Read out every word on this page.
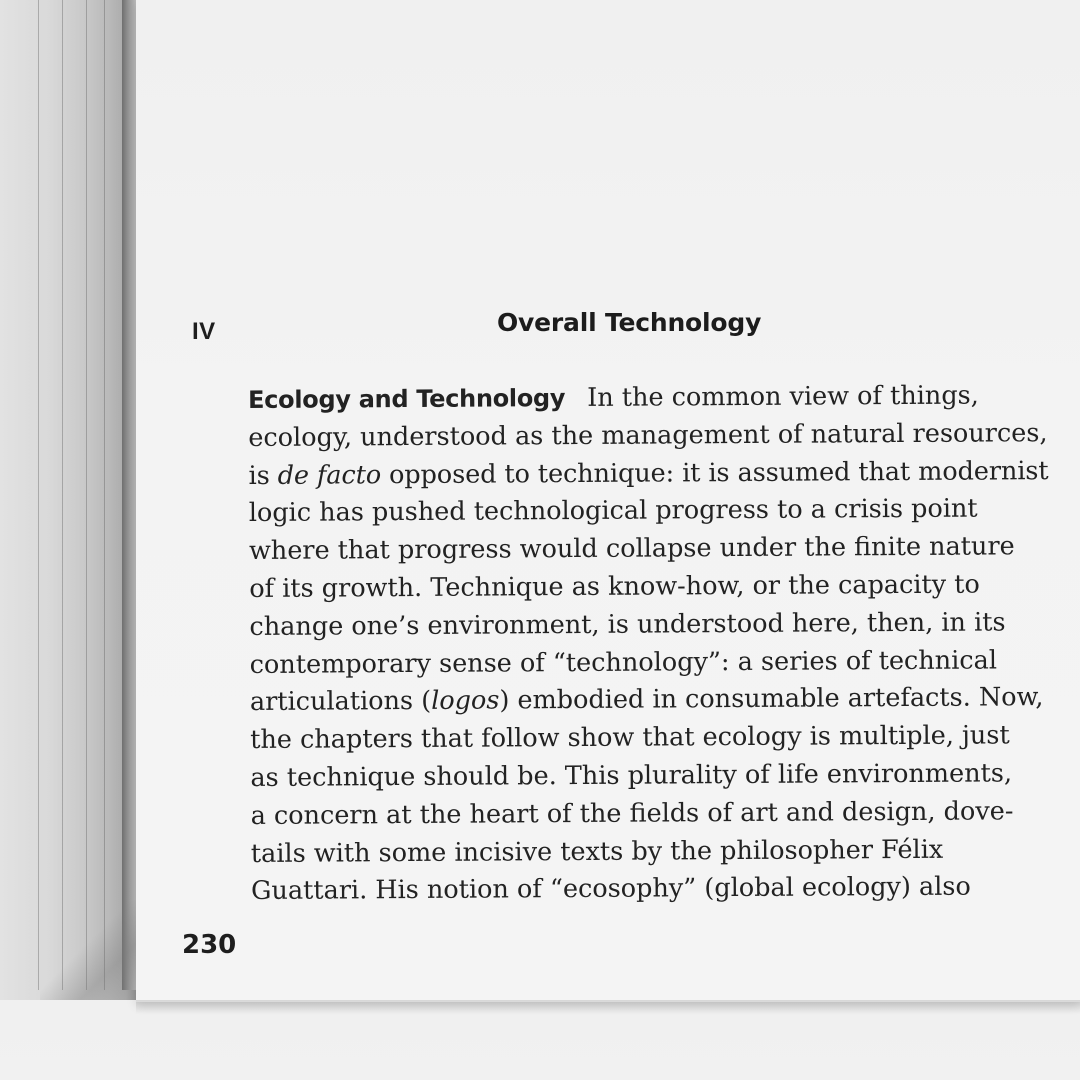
IV	Overall Technology
Ecology and Technology In the common view of things,
ecology, understood as the management of natural resources,
is de facto opposed to technique: it is assumed that modernist
logic has pushed technological progress to a crisis point
where that progress would collapse under the finite nature
of its growth. Technique as know-how, or the capacity to
change one’s environment, is understood here, then, in its
contemporary sense of “technology”: a series of technical
articulations (logos) embodied in consumable artefacts. Now,
the chapters that follow show that ecology is multiple, just
as technique should be. This plurality of life environments,
a concern at the heart of the fields of art and design, dove-
tails with some incisive texts by the philosopher Félix
Guattari. His notion of “ecosophy” (global ecology) also
230
